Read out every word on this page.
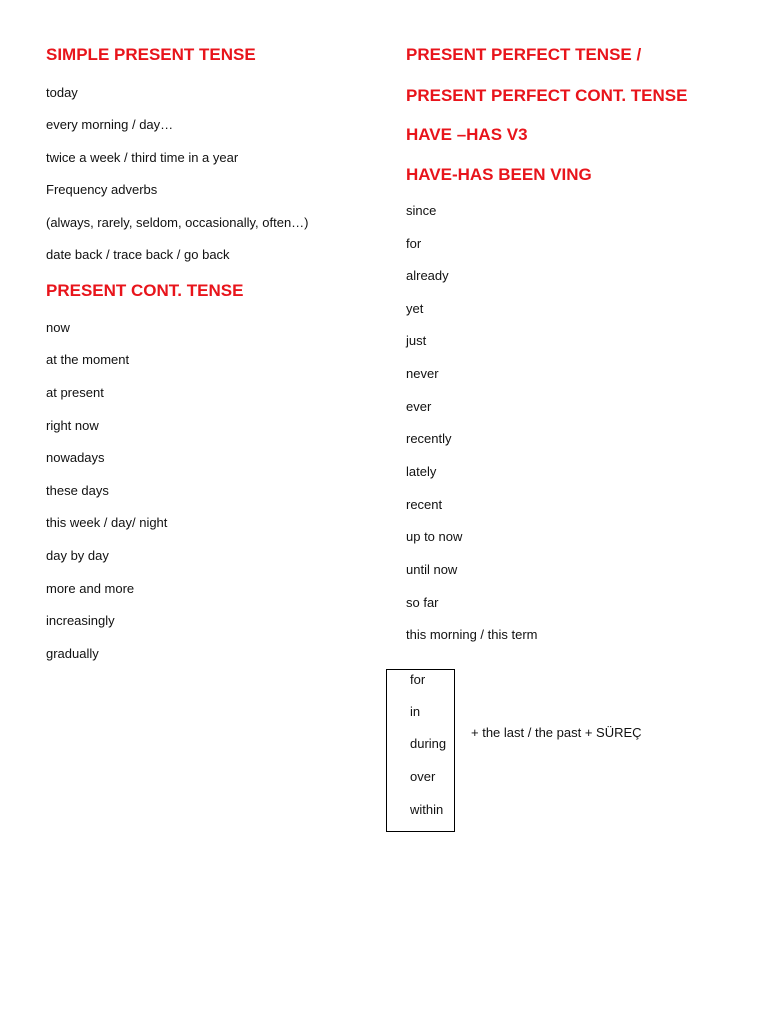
SIMPLE PRESENT TENSE
today
every morning / day…
twice a week / third time in a year
Frequency adverbs
(always, rarely, seldom, occasionally, often…)
date back / trace back / go back
PRESENT CONT. TENSE
now
at the moment
at present
right now
nowadays
these days
this week / day/ night
day by day
more and more
increasingly
gradually
PRESENT PERFECT TENSE /
PRESENT PERFECT CONT. TENSE
HAVE –HAS V3
HAVE-HAS BEEN VING
since
for
already
yet
just
never
ever
recently
lately
recent
up to now
until now
so far
this morning / this term
for
in
during
over
within
+ the last / the past + SÜREÇ
